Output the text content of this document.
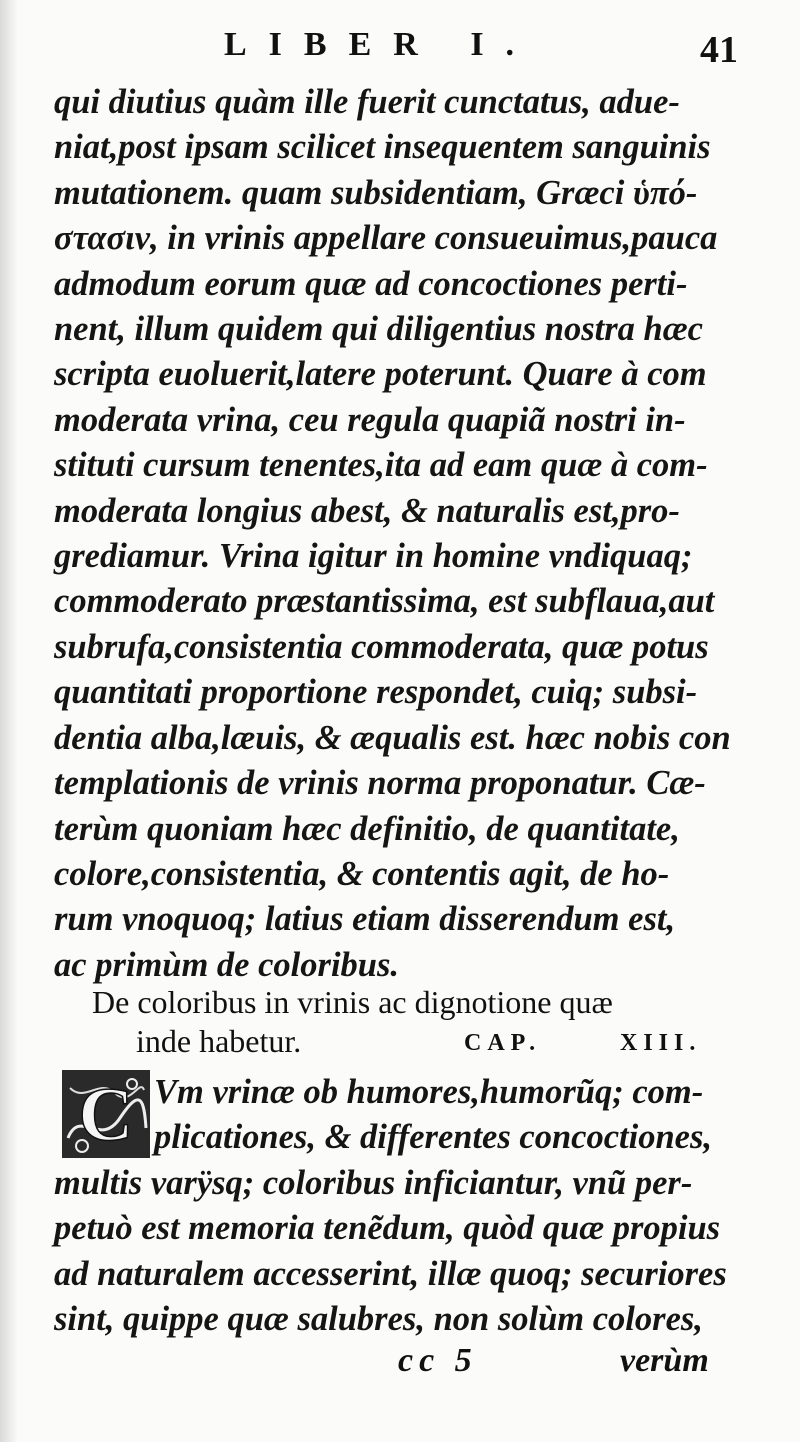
LIBER I.	41
qui diutius quàm ille fuerit cunctatus, adue-
niat,post ipsam scilicet insequentem sanguinis
mutationem. quam subsidentiam, Græci ὑπό-
στασιν, in vrinis appellare consueuimus,pauca
admodum eorum quæ ad concoctiones perti-
nent, illum quidem qui diligentius nostra hæc
scripta euoluerit,latere poterunt. Quare à com
moderata vrina, ceu regula quapiã nostri in-
stituti cursum tenentes,ita ad eam quæ à com-
moderata longius abest, & naturalis est,pro-
grediamur. Vrina igitur in homine vndiquaq;
commoderato præstantissima, est subflaua,aut
subrufa,consistentia commoderata, quæ potus
quantitati proportione respondet, cuiq; subsi-
dentia alba,læuis, & æqualis est. hæc nobis con
templationis de vrinis norma proponatur. Cæ-
terùm quoniam hæc definitio, de quantitate,
colore,consistentia, & contentis agit, de ho-
rum vnoquoq; latius etiam disserendum est,
ac primùm de coloribus.
De coloribus in vrinis ac dignotione quæ
inde habetur.	CAP.	XIII.
C Vm vrinæ ob humores,humorũq; com-
plicationes, & differentes concoctiones,
multis varÿsq; coloribus inficiantur, vnũ per-
petuò est memoria tenẽdum, quòd quæ propius
ad naturalem accesserint, illæ quoq; securiores
sint, quippe quæ salubres, non solùm colores,
cc 5	verùm
